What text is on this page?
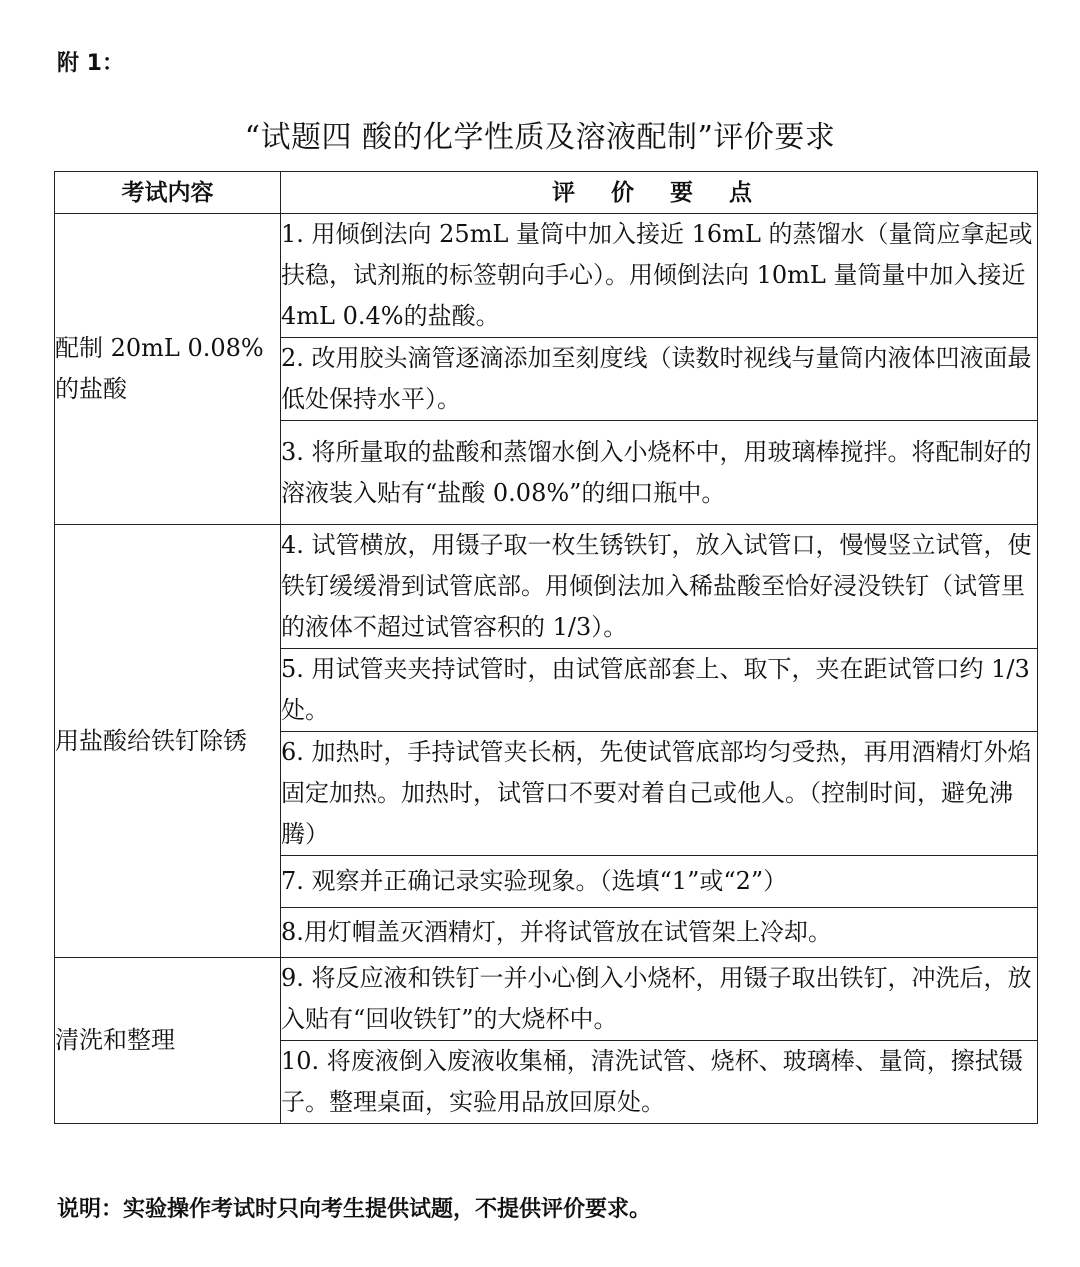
附 1：
“试题四 酸的化学性质及溶液配制”评价要求
考试内容	评 价 要 点
配制 20mL 0.08%的盐酸	1. 用倾倒法向 25mL 量筒中加入接近 16mL 的蒸馏水（量筒应拿起或扶稳，试剂瓶的标签朝向手心）。用倾倒法向 10mL 量筒量中加入接近 4mL 0.4%的盐酸。
	2. 改用胶头滴管逐滴添加至刻度线（读数时视线与量筒内液体凹液面最低处保持水平）。
	3. 将所量取的盐酸和蒸馏水倒入小烧杯中，用玻璃棒搅拌。将配制好的溶液装入贴有“盐酸 0.08%”的细口瓶中。
用盐酸给铁钉除锈	4. 试管横放，用镊子取一枚生锈铁钉，放入试管口，慢慢竖立试管，使铁钉缓缓滑到试管底部。用倾倒法加入稀盐酸至恰好浸没铁钉（试管里的液体不超过试管容积的 1/3）。
	5. 用试管夹夹持试管时，由试管底部套上、取下，夹在距试管口约 1/3 处。
	6. 加热时，手持试管夹长柄，先使试管底部均匀受热，再用酒精灯外焰固定加热。加热时，试管口不要对着自己或他人。（控制时间，避免沸腾）
	7. 观察并正确记录实验现象。（选填“1”或“2”）
	8.用灯帽盖灭酒精灯，并将试管放在试管架上冷却。
清洗和整理	9. 将反应液和铁钉一并小心倒入小烧杯，用镊子取出铁钉，冲洗后，放入贴有“回收铁钉”的大烧杯中。
	10. 将废液倒入废液收集桶，清洗试管、烧杯、玻璃棒、量筒，擦拭镊子。整理桌面，实验用品放回原处。
说明：实验操作考试时只向考生提供试题，不提供评价要求。
